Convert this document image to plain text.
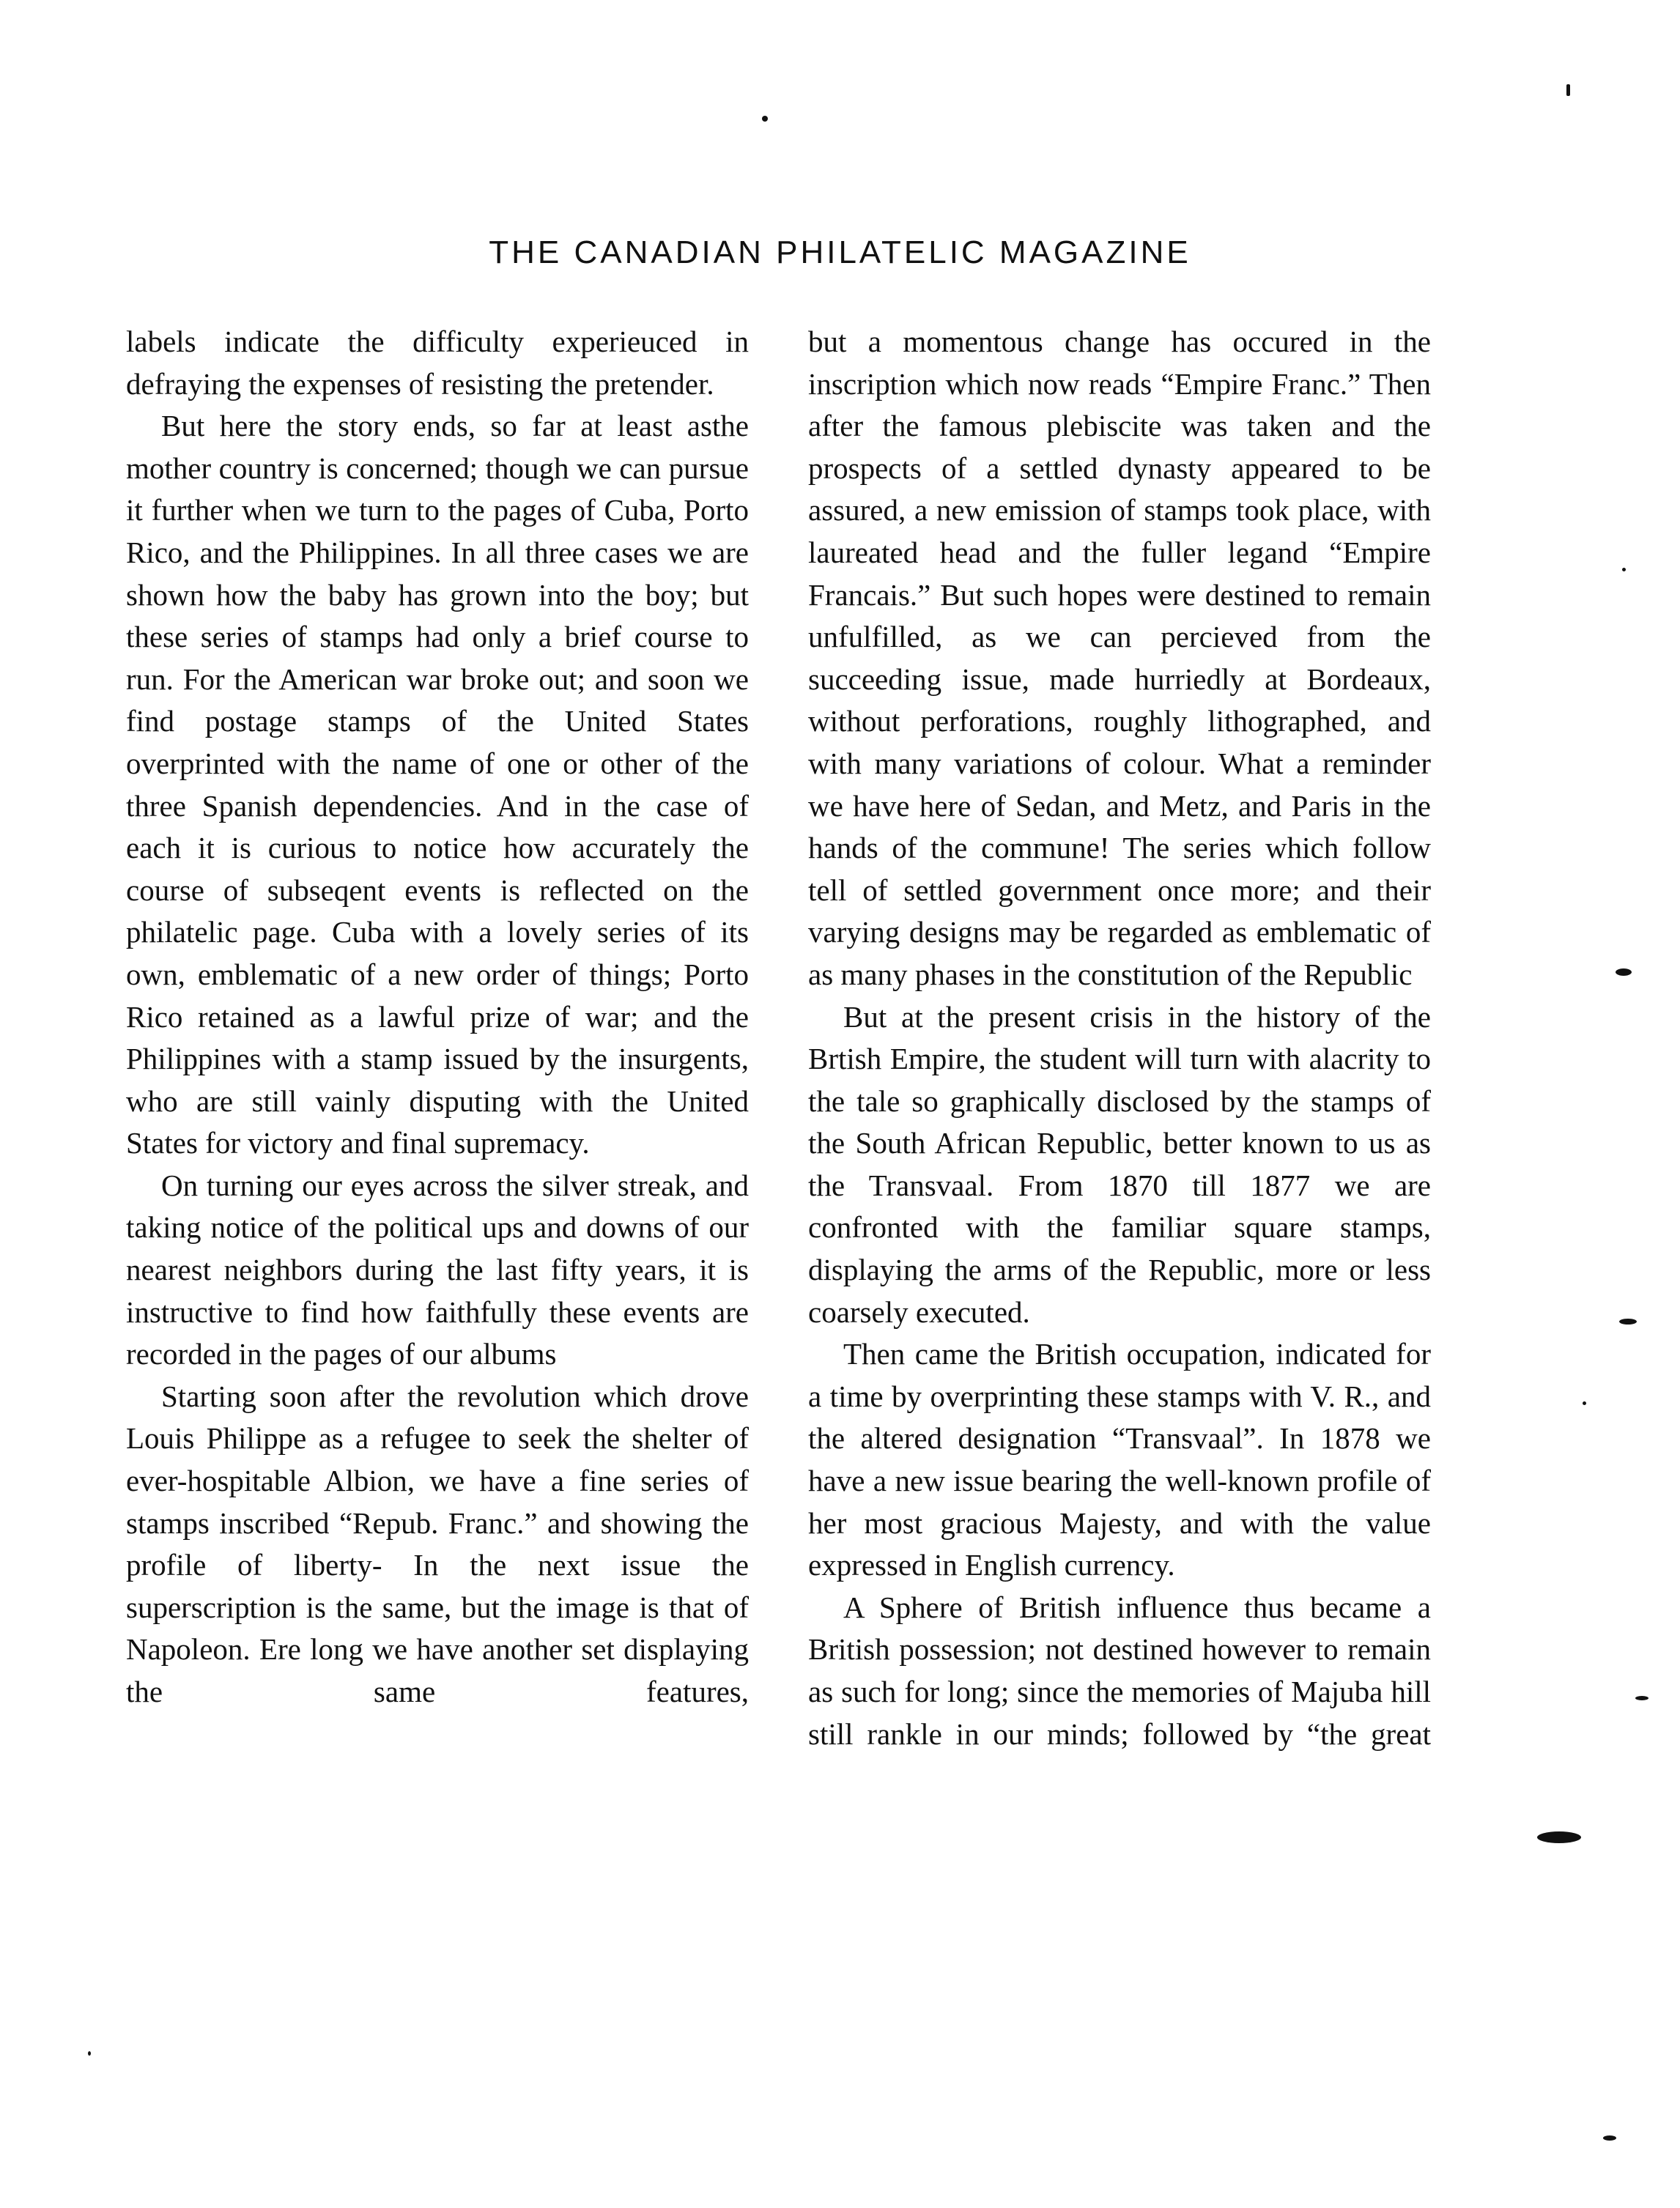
THE CANADIAN PHILATELIC MAGAZINE

labels indicate the difficulty experieuced in defraying the expenses of resisting the pretender.

But here the story ends, so far at least asthe mother country is concerned; though we can pursue it further when we turn to the pages of Cuba, Porto Rico, and the Philippines. In all three cases we are shown how the baby has grown into the boy; but these series of stamps had only a brief course to run. For the American war broke out; and soon we find postage stamps of the United States overprinted with the name of one or other of the three Spanish dependencies. And in the case of each it is curious to notice how accurately the course of subseqent events is reflected on the philatelic page. Cuba with a lovely series of its own, emblematic of a new order of things; Porto Rico retained as a lawful prize of war; and the Philippines with a stamp issued by the insurgents, who are still vainly disputing with the United States for victory and final supremacy.

On turning our eyes across the silver streak, and taking notice of the political ups and downs of our nearest neighbors during the last fifty years, it is instructive to find how faithfully these events are recorded in the pages of our albums

Starting soon after the revolution which drove Louis Philippe as a refugee to seek the shelter of ever-hospitable Albion, we have a fine series of stamps inscribed “Repub. Franc.” and showing the profile of liberty- In the next issue the superscription is the same, but the image is that of Napoleon. Ere long we have another set displaying the same features,

but a momentous change has occured in the inscription which now reads “Empire Franc.” Then after the famous plebiscite was taken and the prospects of a settled dynasty appeared to be assured, a new emission of stamps took place, with laureated head and the fuller legand “Empire Francais.” But such hopes were destined to remain unfulfilled, as we can percieved from the succeeding issue, made hurriedly at Bordeaux, without perforations, roughly lithographed, and with many variations of colour. What a reminder we have here of Sedan, and Metz, and Paris in the hands of the commune! The series which follow tell of settled government once more; and their varying designs may be regarded as emblematic of as many phases in the constitution of the Republic

But at the present crisis in the history of the Brtish Empire, the student will turn with alacrity to the tale so graphically disclosed by the stamps of the South African Republic, better known to us as the Transvaal. From 1870 till 1877 we are confronted with the familiar square stamps, displaying the arms of the Republic, more or less coarsely executed.

Then came the British occupation, indicated for a time by overprinting these stamps with V. R., and the altered designation “Transvaal”. In 1878 we have a new issue bearing the well-known profile of her most gracious Majesty, and with the value expressed in English currency.

A Sphere of British influence thus became a British possession; not destined however to remain as such for long; since the memories of Majuba hill still rankle in our minds; followed by “the great
